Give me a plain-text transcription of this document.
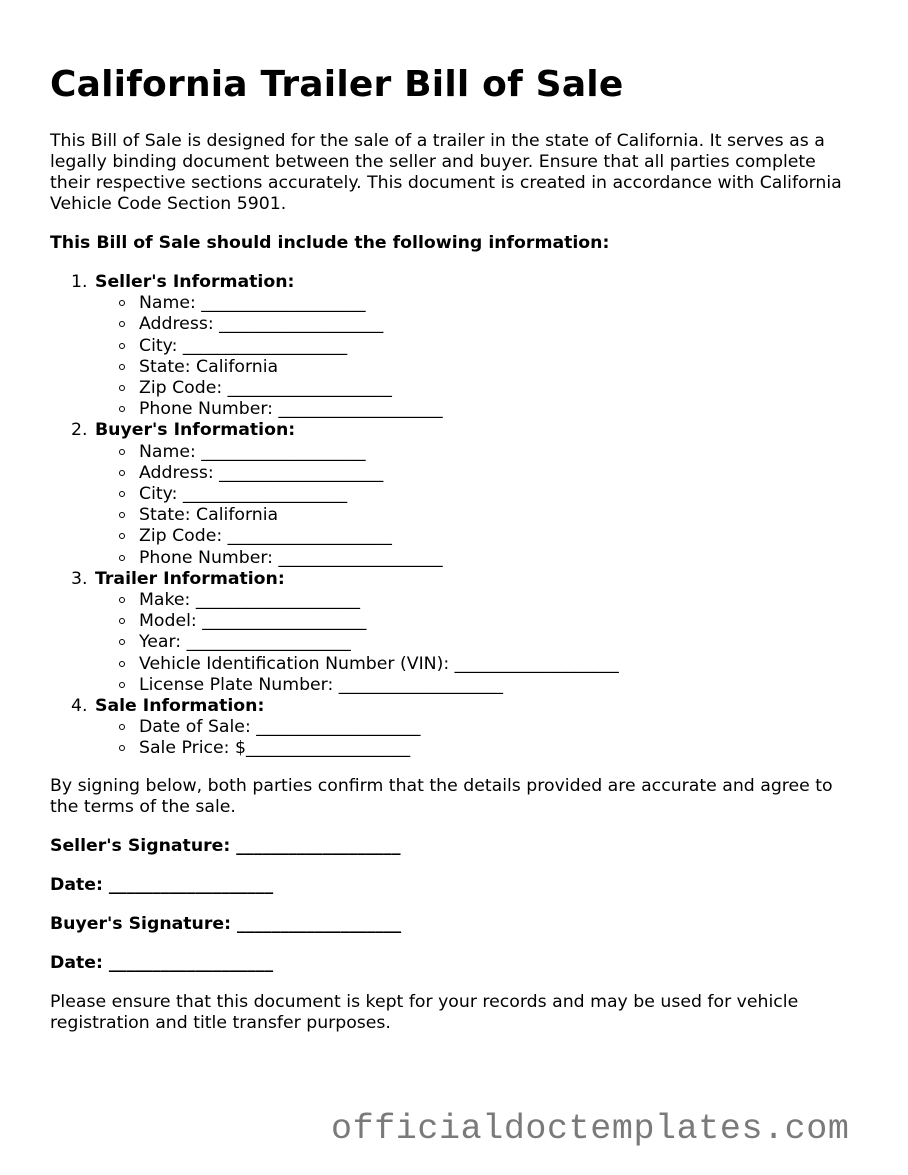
California Trailer Bill of Sale

This Bill of Sale is designed for the sale of a trailer in the state of California. It serves as a legally binding document between the seller and buyer. Ensure that all parties complete their respective sections accurately. This document is created in accordance with California Vehicle Code Section 5901.

This Bill of Sale should include the following information:

1. Seller's Information:
Name: ___________________
Address: ___________________
City: ___________________
State: California
Zip Code: ___________________
Phone Number: ___________________
2. Buyer's Information:
Name: ___________________
Address: ___________________
City: ___________________
State: California
Zip Code: ___________________
Phone Number: ___________________
3. Trailer Information:
Make: ___________________
Model: ___________________
Year: ___________________
Vehicle Identification Number (VIN): ___________________
License Plate Number: ___________________
4. Sale Information:
Date of Sale: ___________________
Sale Price: $___________________

By signing below, both parties confirm that the details provided are accurate and agree to the terms of the sale.

Seller's Signature: ___________________

Date: ___________________

Buyer's Signature: ___________________

Date: ___________________

Please ensure that this document is kept for your records and may be used for vehicle registration and title transfer purposes.

officialdoctemplates.com
